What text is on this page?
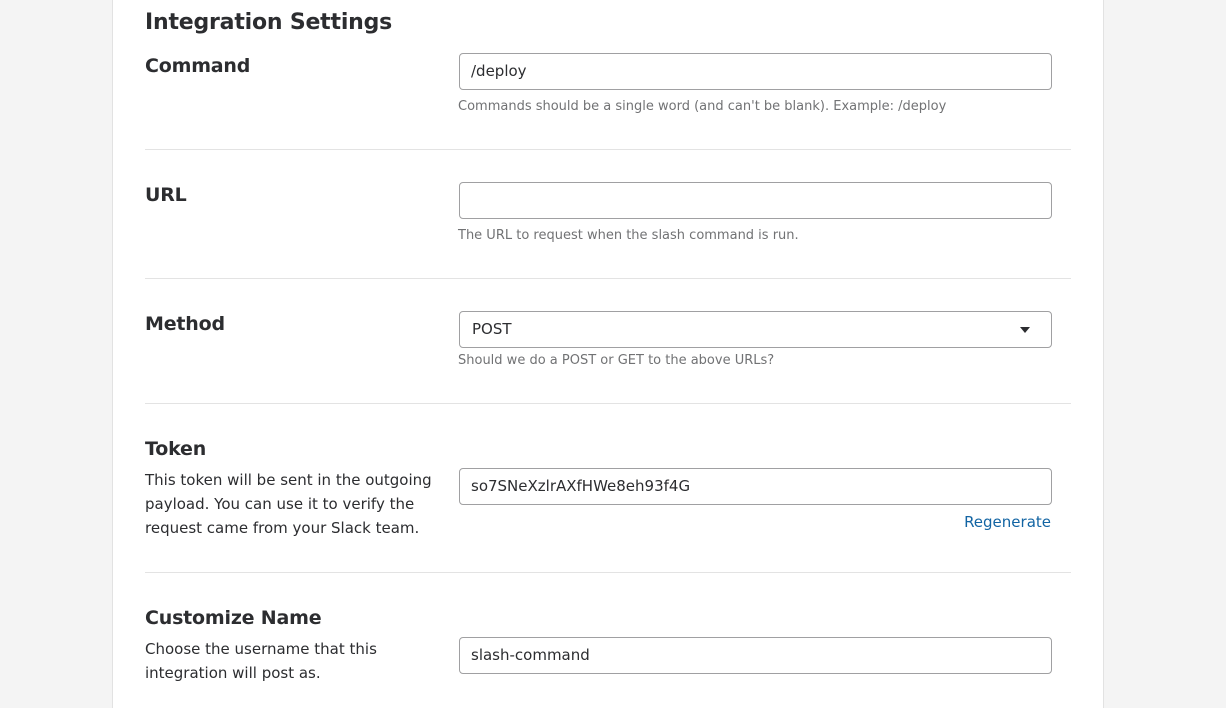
Integration Settings
Command
/deploy
Commands should be a single word (and can't be blank). Example: /deploy
URL
The URL to request when the slash command is run.
Method	POST
Should we do a POST or GET to the above URLs?
Token
This token will be sent in the outgoing payload. You can use it to verify the request came from your Slack team.
so7SNeXzlrAXfHWe8eh93f4G	Regenerate
Customize Name
Choose the username that this integration will post as.
slash-command
